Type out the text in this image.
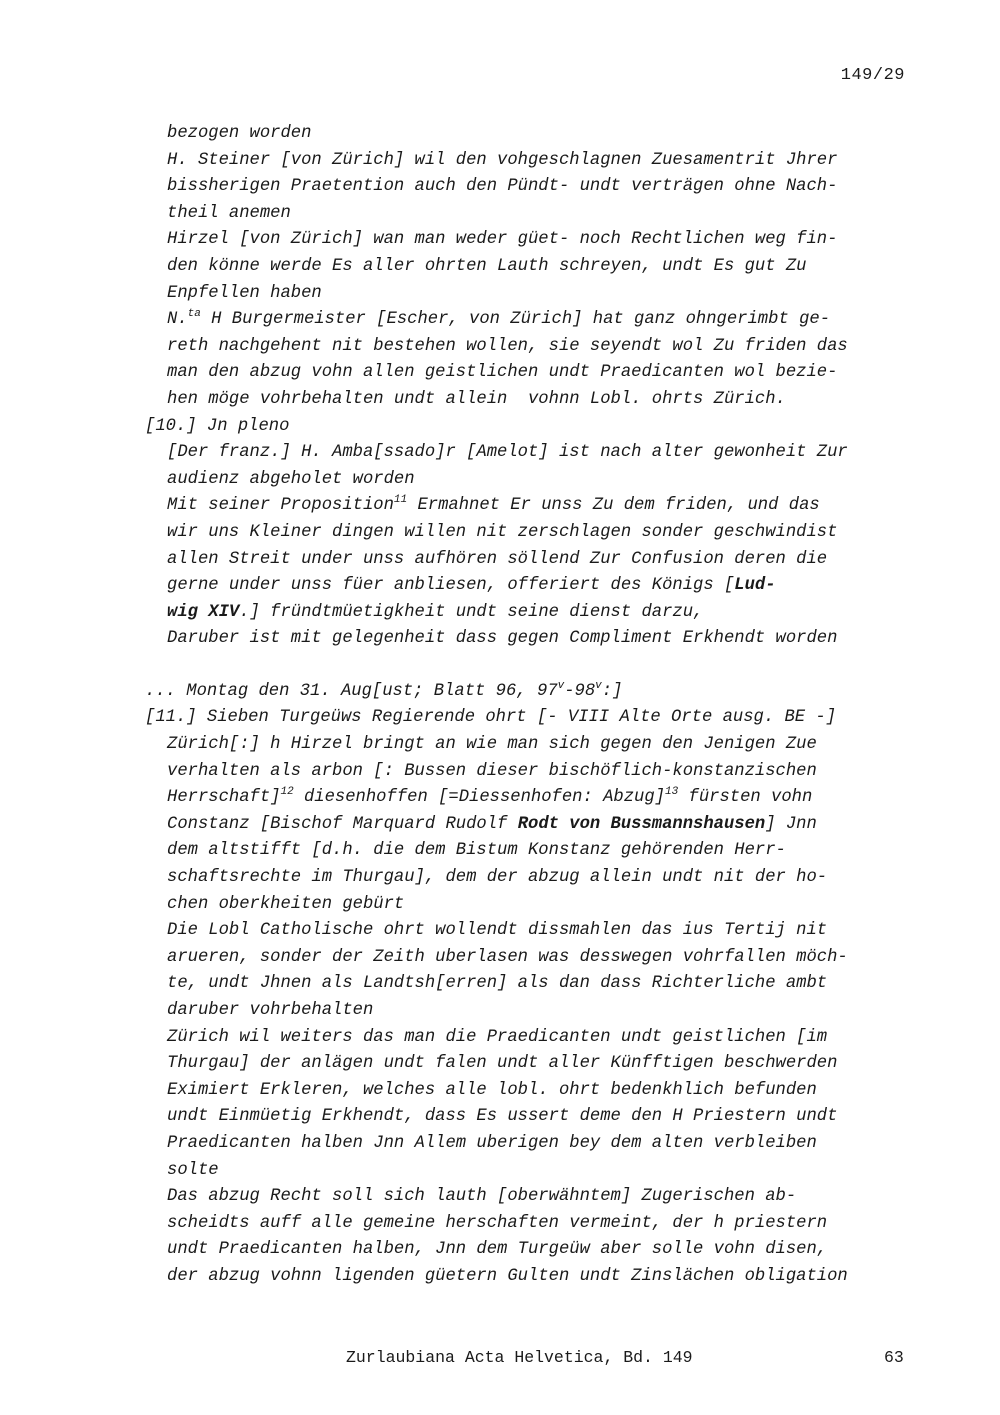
149/29
bezogen worden
H. Steiner [von Zürich] wil den vohgeschlagnen Zuesamentrit Jhrer
bissherigen Praetention auch den Pündt- undt verträgen ohne Nach-
theil anemen
Hirzel [von Zürich] wan man weder güet- noch Rechtlichen weg fin-
den könne werde Es aller ohrten Lauth schreyen, undt Es gut Zu
Enpfellen haben
N.$^{ta}$ H Burgermeister [Escher, von Zürich] hat ganz ohngerimbt ge-
reth nachgehent nit bestehen wollen, sie seyendt wol Zu friden das
man den abzug vohn allen geistlichen undt Praedicanten wol bezie-
hen möge vohrbehalten undt allein  vohnn Lobl. ohrts Zürich.
[10.] Jn pleno
[Der franz.] H. Amba[ssado]r [Amelot] ist nach alter gewonheit Zur
audienz abgeholet worden
Mit seiner Proposition$^{11}$ Ermahnet Er unss Zu dem friden, und das
wir uns Kleiner dingen willen nit zerschlagen sonder geschwindist
allen Streit under unss aufhören söllend Zur Confusion deren die
gerne under unss füer anbliesen, offeriert des Königs [Lud-
wig XIV.] fründtmüetigkheit undt seine dienst darzu,
Daruber ist mit gelegenheit dass gegen Compliment Erkhendt worden
... Montag den 31. Aug[ust; Blatt 96, 97$^v$-98$^v$:]
[11.] Sieben Turgeüws Regierende ohrt [- VIII Alte Orte ausg. BE -]
Zürich[:] h Hirzel bringt an wie man sich gegen den Jenigen Zue
verhalten als arbon [: Bussen dieser bischöflich-konstanzischen
Herrschaft]$^{12}$ diesenhoffen [=Diessenhofen: Abzug]$^{13}$ fürsten vohn
Constanz [Bischof Marquard Rudolf Rodt von Bussmannshausen] Jnn
dem altstifft [d.h. die dem Bistum Konstanz gehörenden Herr-
schaftsrechte im Thurgau], dem der abzug allein undt nit der ho-
chen oberkheiten gebürt
Die Lobl Catholische ohrt wollendt dissmahlen das ius Tertij nit
arueren, sonder der Zeith uberlasen was desswegen vohrfallen möch-
te, undt Jhnen als Landtsh[erren] als dan dass Richterliche ambt
daruber vohrbehalten
Zürich wil weiters das man die Praedicanten undt geistlichen [im
Thurgau] der anlägen undt falen undt aller Künfftigen beschwerden
Eximiert Erkleren, welches alle lobl. ohrt bedenkhlich befunden
undt Einmüetig Erkhendt, dass Es ussert deme den H Priestern undt
Praedicanten halben Jnn Allem uberigen bey dem alten verbleiben
solte
Das abzug Recht soll sich lauth [oberwähntem] Zugerischen ab-
scheidts auff alle gemeine herschaften vermeint, der h priestern
undt Praedicanten halben, Jnn dem Turgeüw aber solle vohn disen,
der abzug vohnn ligenden güetern Gulten undt Zinslächen obligation
Zurlaubiana Acta Helvetica, Bd. 149	63
